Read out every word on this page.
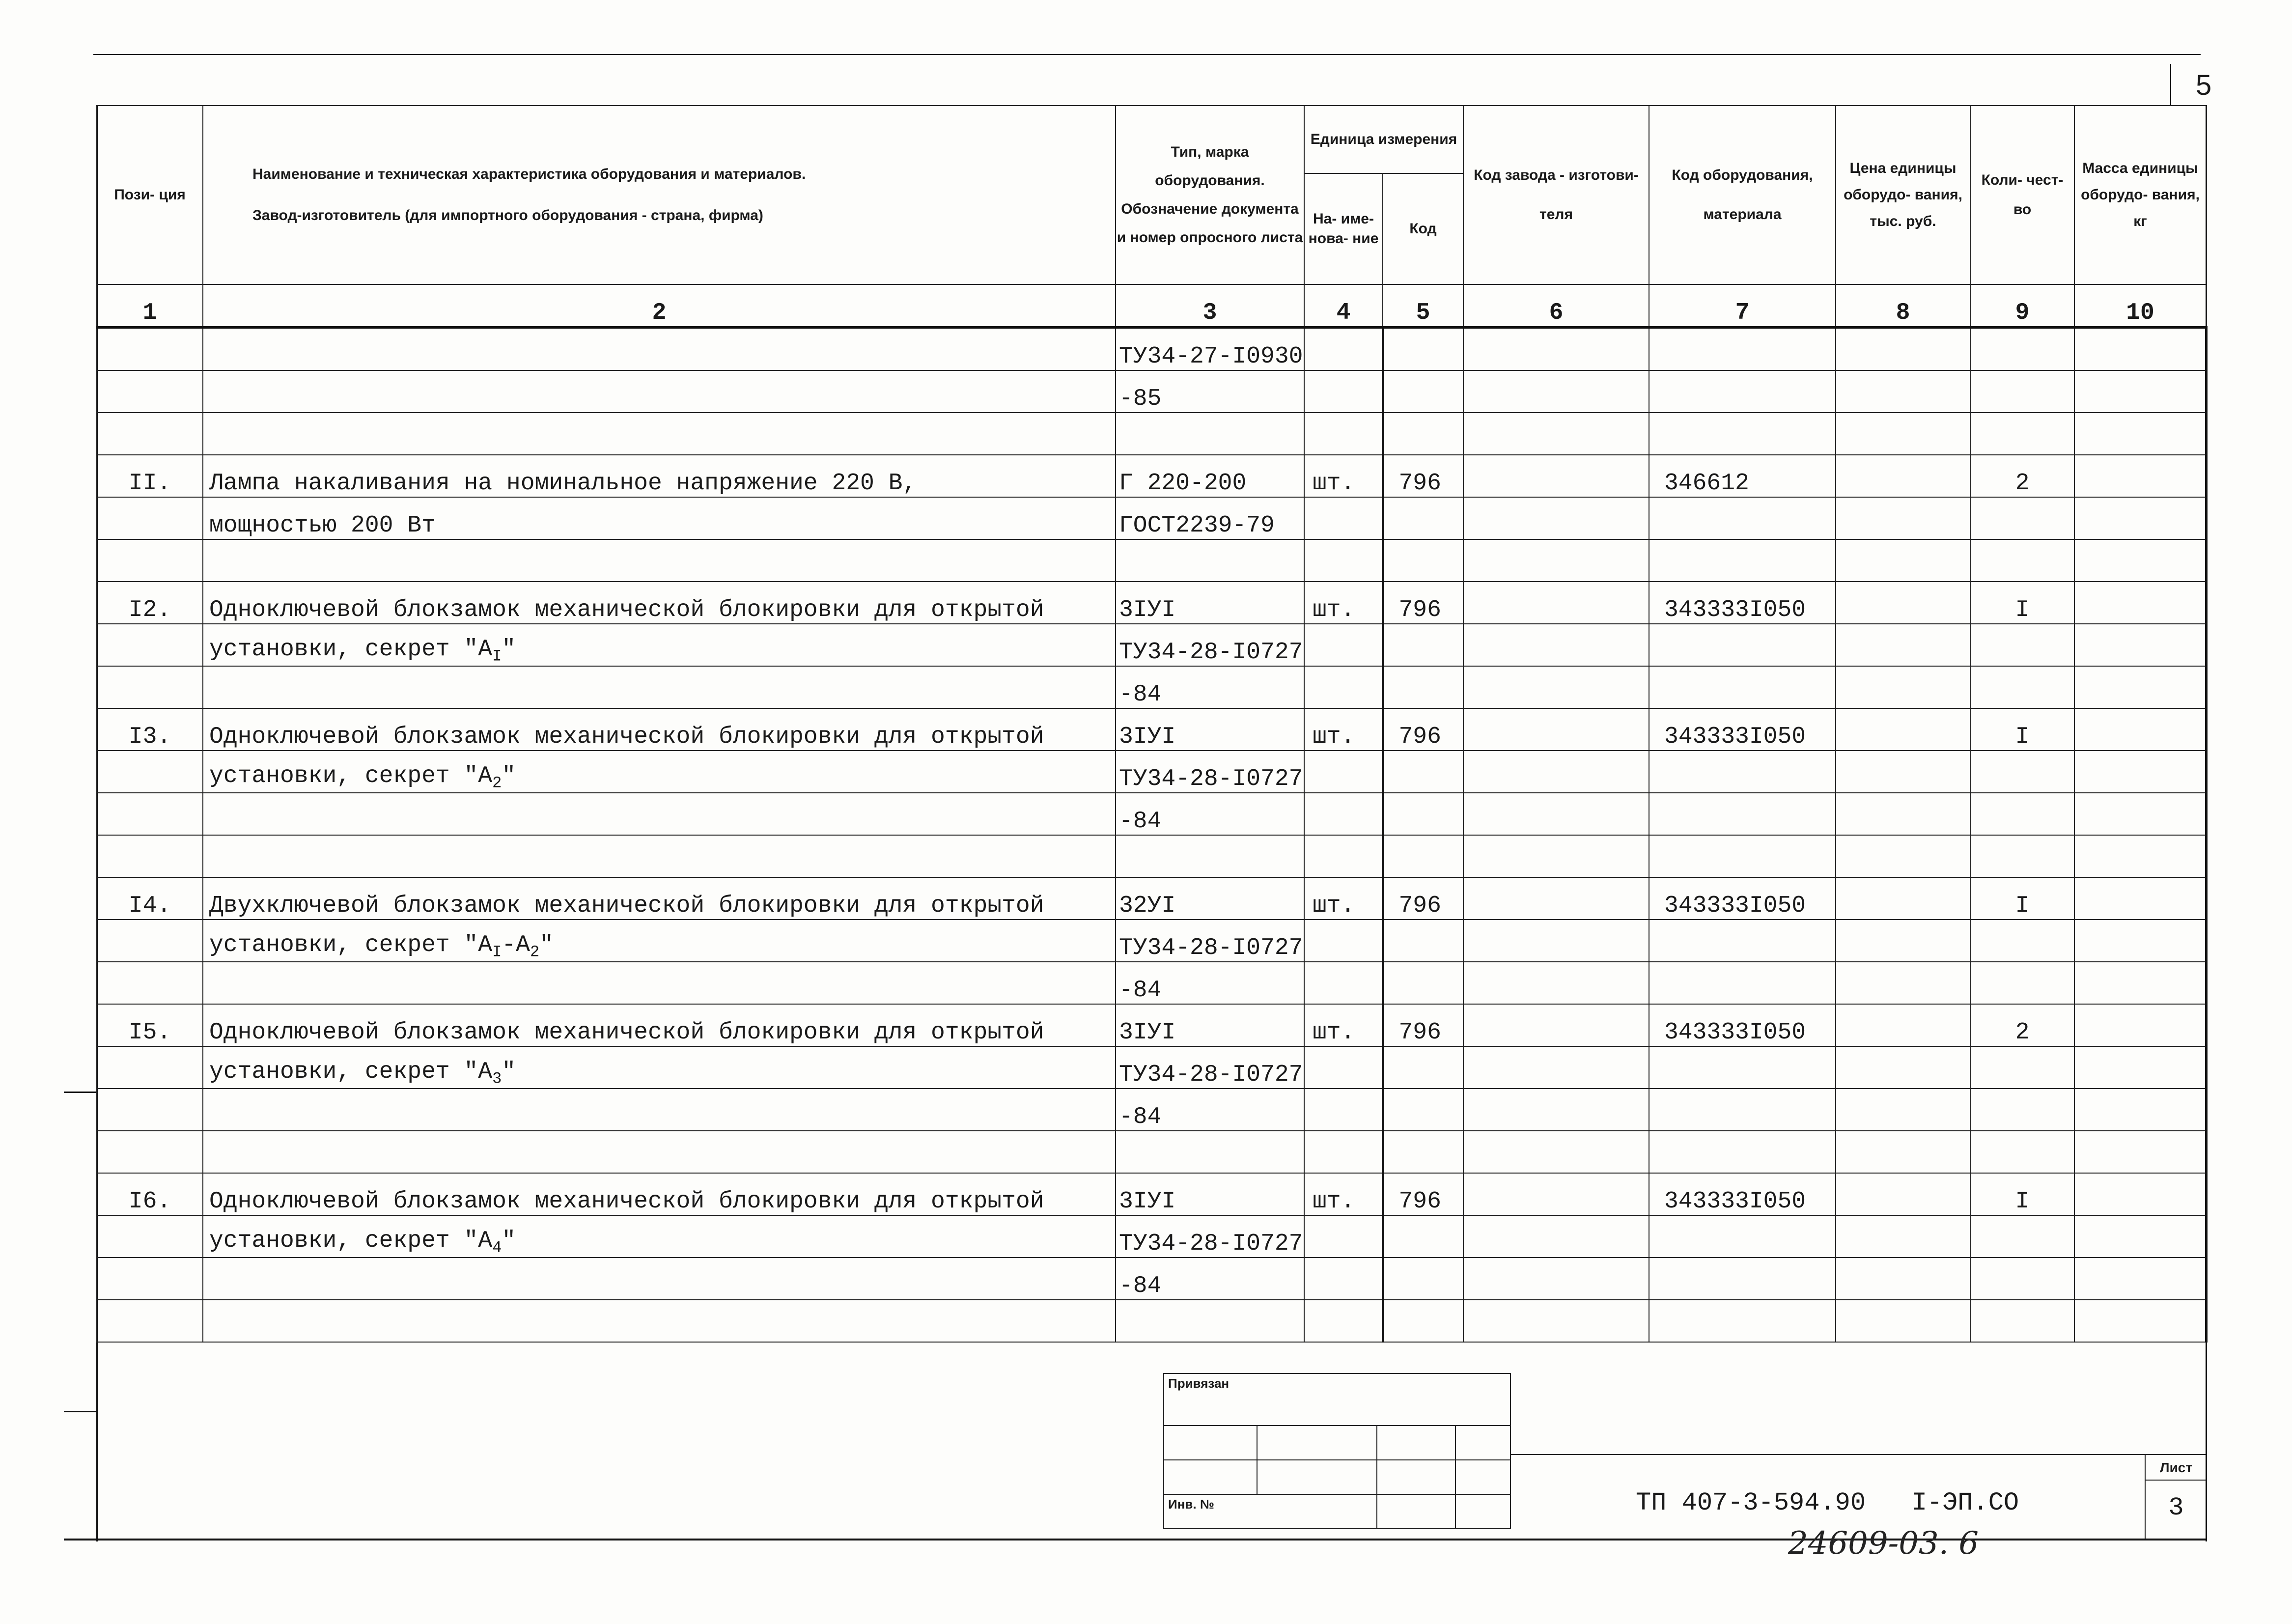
5
Пози- ция	Наименование и техническая характеристика оборудования и материалов.
Завод-изготовитель (для импортного оборудования - страна, фирма)	Тип, марка оборудования. Обозначение документа и номер опросного листа	Единица измерения		Код завода - изготови- теля	Код оборудования, материала	Цена единицы оборудо- вания, тыс. руб.	Коли- чест- во	Масса единицы оборудо- вания, кг
			На- име- нова- ние	Код					
1	2	3	4	5	6	7	8	9	10
		ТУ34-27-I0930							
		-85							

II.	Лампа накаливания на номинальное напряжение 220 В,	Г 220-200	шт.	796		346612		2	
	мощностью 200 Вт	ГОСТ2239-79							

I2.	Одноключевой блокзамок механической блокировки для открытой	3IУI	шт.	796		343333I050		I	
	установки, секрет "$A_I$"	ТУ34-28-I0727							
		-84							
I3.	Одноключевой блокзамок механической блокировки для открытой	3IУI	шт.	796		343333I050		I	
	установки, секрет "$A_2$"	ТУ34-28-I0727							
		-84							

I4.	Двухключевой блокзамок механической блокировки для открытой	32УI	шт.	796		343333I050		I	
	установки, секрет "$A_I-A_2$"	ТУ34-28-I0727							
		-84							
I5.	Одноключевой блокзамок механической блокировки для открытой	3IУI	шт.	796		343333I050		2	
	установки, секрет "$A_3$"	ТУ34-28-I0727							
		-84							

I6.	Одноключевой блокзамок механической блокировки для открытой	3IУI	шт.	796		343333I050		I	
	установки, секрет "$A_4$"	ТУ34-28-I0727							
		-84							

Привязан			

Инв. №				ТП 407-3-594.90   I-ЭП.СО
Лист
3
24609-03. 6
